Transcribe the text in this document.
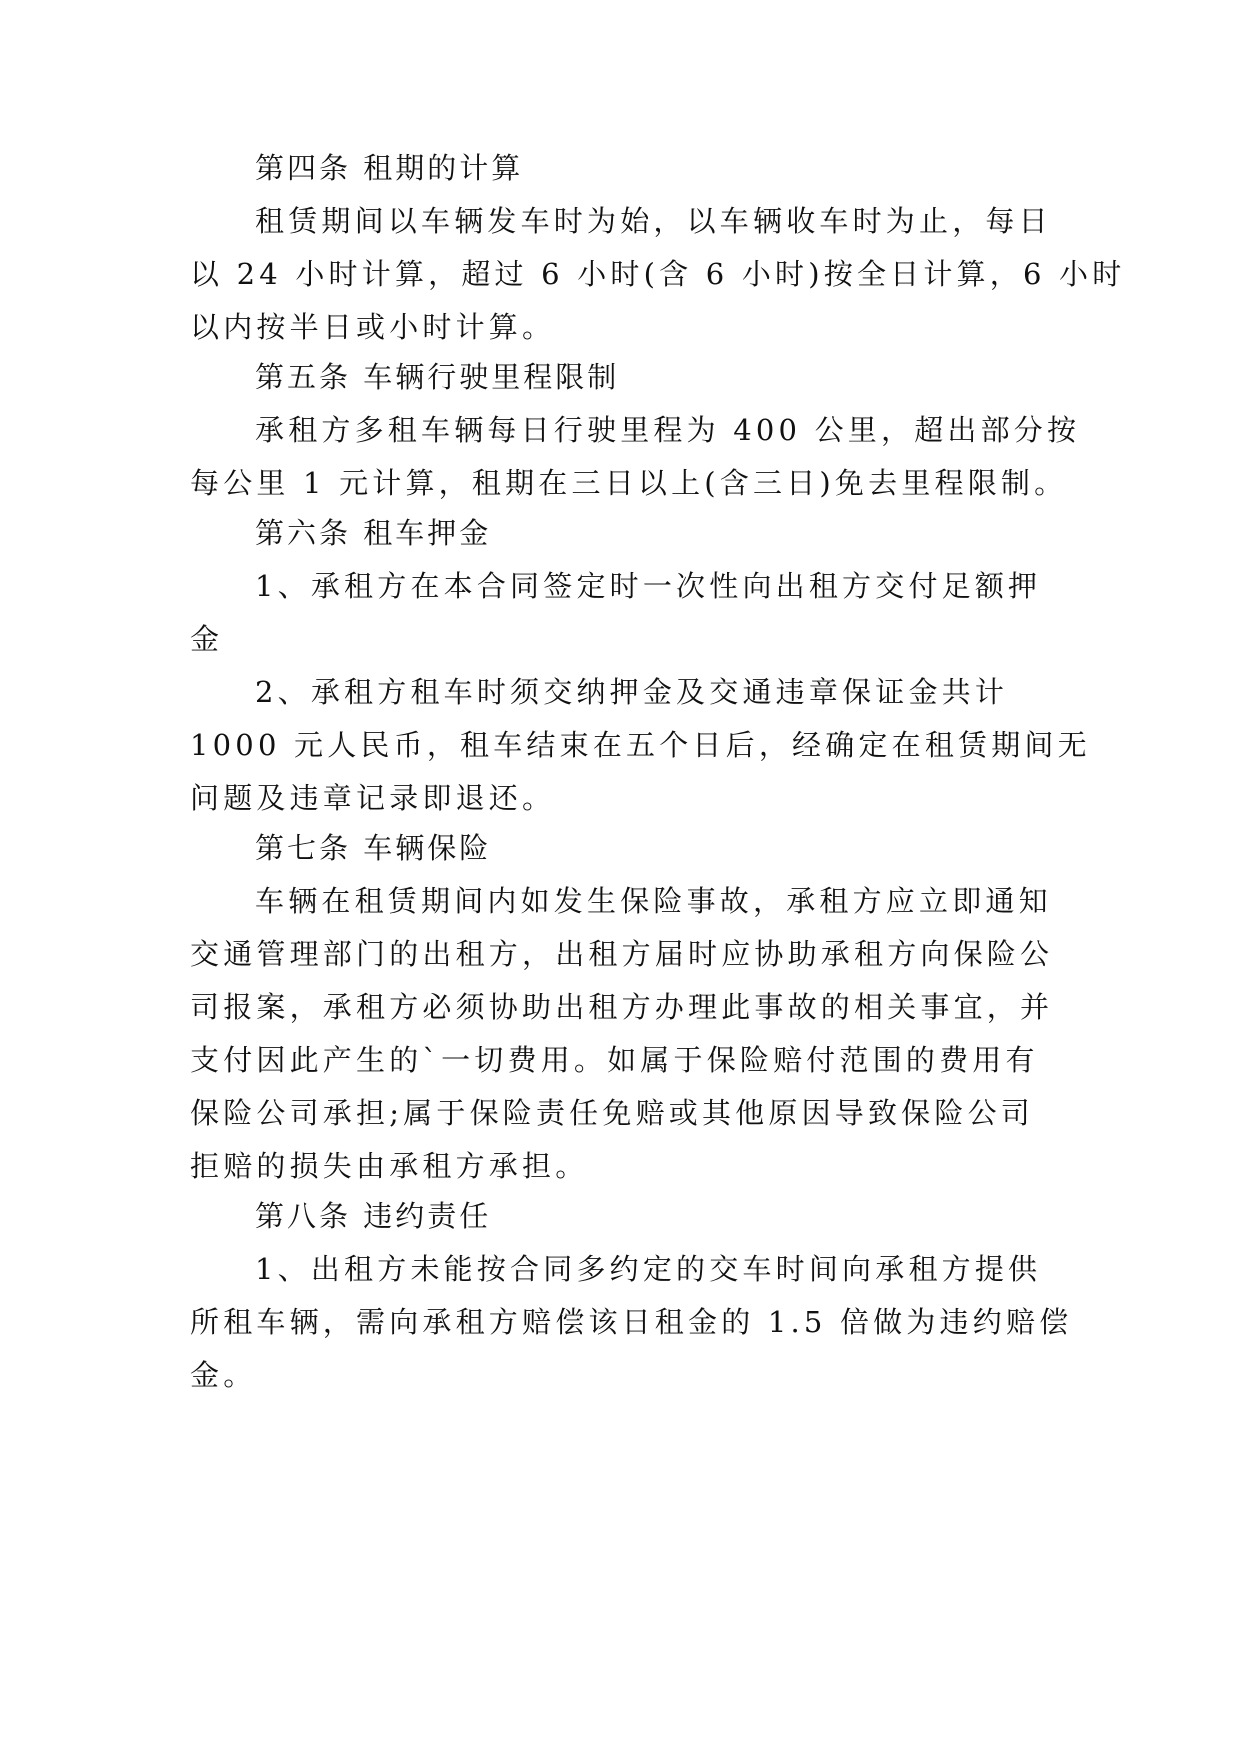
第四条 租期的计算
租赁期间以车辆发车时为始，以车辆收车时为止，每日
以 24 小时计算，超过 6 小时(含 6 小时)按全日计算，6 小时
以内按半日或小时计算。
第五条 车辆行驶里程限制
承租方多租车辆每日行驶里程为 400 公里，超出部分按
每公里 1 元计算，租期在三日以上(含三日)免去里程限制。
第六条 租车押金
1、承租方在本合同签定时一次性向出租方交付足额押
金
2、承租方租车时须交纳押金及交通违章保证金共计
1000 元人民币，租车结束在五个日后，经确定在租赁期间无
问题及违章记录即退还。
第七条 车辆保险
车辆在租赁期间内如发生保险事故，承租方应立即通知
交通管理部门的出租方，出租方届时应协助承租方向保险公
司报案，承租方必须协助出租方办理此事故的相关事宜，并
支付因此产生的`一切费用。如属于保险赔付范围的费用有
保险公司承担;属于保险责任免赔或其他原因导致保险公司
拒赔的损失由承租方承担。
第八条 违约责任
1、出租方未能按合同多约定的交车时间向承租方提供
所租车辆，需向承租方赔偿该日租金的 1.5 倍做为违约赔偿
金。
